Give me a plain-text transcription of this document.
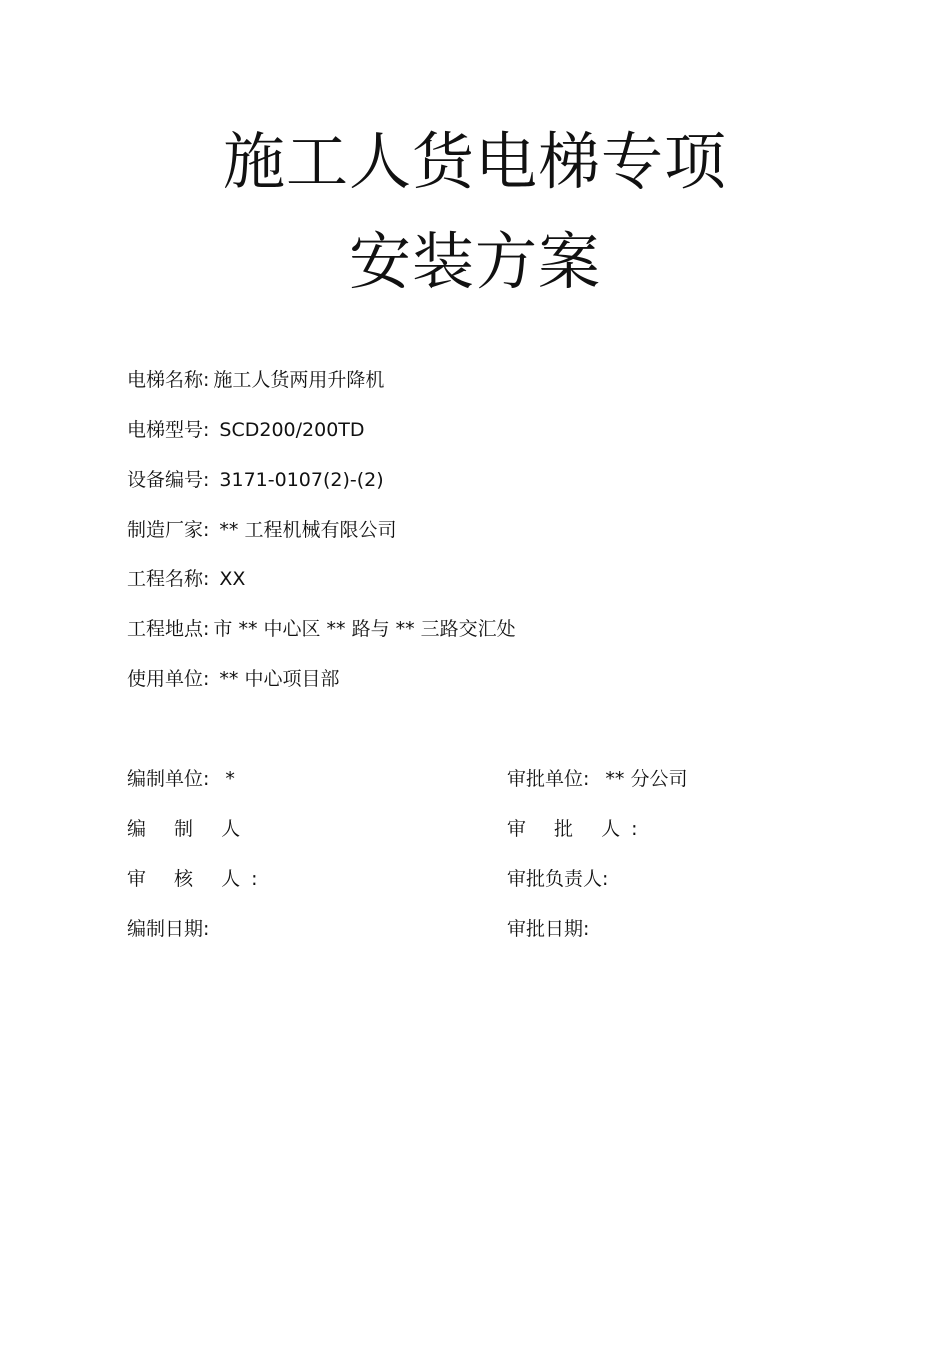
施工人货电梯专项
安装方案
电梯名称: 施工人货两用升降机
电梯型号: SCD200/200TD
设备编号: 3171-0107(2)-(2)
制造厂家: ** 工程机械有限公司
工程名称: XX
工程地点: 市 ** 中心区 ** 路与 ** 三路交汇处
使用单位: ** 中心项目部
编制单位: *	审批单位: ** 分公司
编 制 人	审 批 人:
审 核 人:	审批负责人:
编制日期:	审批日期:
